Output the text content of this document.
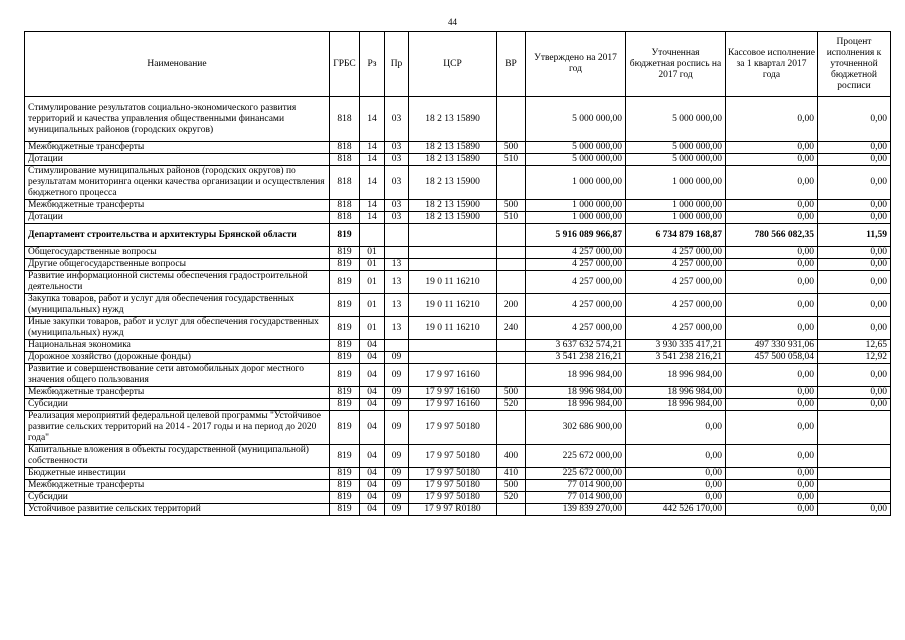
44
Наименование	ГРБС	Рз	Пр	ЦСР	ВР	Утверждено на 2017 год	Уточненная бюджетная роспись на 2017 год	Кассовое исполнение за 1 квартал 2017 года	Процент исполнения к уточненной бюджетной росписи
Стимулирование результатов социально-экономического развития территорий и качества управления общественными финансами муниципальных районов (городских округов)	818	14	03	18 2 13 15890		5 000 000,00	5 000 000,00	0,00	0,00
Межбюджетные трансферты	818	14	03	18 2 13 15890	500	5 000 000,00	5 000 000,00	0,00	0,00
Дотации	818	14	03	18 2 13 15890	510	5 000 000,00	5 000 000,00	0,00	0,00
Стимулирование муниципальных районов (городских округов) по результатам мониторинга оценки качества организации и осуществления бюджетного процесса	818	14	03	18 2 13 15900		1 000 000,00	1 000 000,00	0,00	0,00
Межбюджетные трансферты	818	14	03	18 2 13 15900	500	1 000 000,00	1 000 000,00	0,00	0,00
Дотации	818	14	03	18 2 13 15900	510	1 000 000,00	1 000 000,00	0,00	0,00
Департамент строительства и архитектуры Брянской области	819					5 916 089 966,87	6 734 879 168,87	780 566 082,35	11,59
Общегосударственные вопросы	819	01				4 257 000,00	4 257 000,00	0,00	0,00
Другие общегосударственные вопросы	819	01	13			4 257 000,00	4 257 000,00	0,00	0,00
Развитие информационной системы обеспечения градостроительной деятельности	819	01	13	19 0 11 16210		4 257 000,00	4 257 000,00	0,00	0,00
Закупка товаров, работ и услуг для обеспечения государственных (муниципальных) нужд	819	01	13	19 0 11 16210	200	4 257 000,00	4 257 000,00	0,00	0,00
Иные закупки товаров, работ и услуг для обеспечения государственных (муниципальных) нужд	819	01	13	19 0 11 16210	240	4 257 000,00	4 257 000,00	0,00	0,00
Национальная экономика	819	04				3 637 632 574,21	3 930 335 417,21	497 330 931,06	12,65
Дорожное хозяйство (дорожные фонды)	819	04	09			3 541 238 216,21	3 541 238 216,21	457 500 058,04	12,92
Развитие и совершенствование сети автомобильных дорог местного значения общего пользования	819	04	09	17 9 97 16160		18 996 984,00	18 996 984,00	0,00	0,00
Межбюджетные трансферты	819	04	09	17 9 97 16160	500	18 996 984,00	18 996 984,00	0,00	0,00
Субсидии	819	04	09	17 9 97 16160	520	18 996 984,00	18 996 984,00	0,00	0,00
Реализация мероприятий федеральной целевой программы "Устойчивое развитие сельских территорий на 2014 - 2017 годы и на период до 2020 года"	819	04	09	17 9 97 50180		302 686 900,00	0,00	0,00	
Капитальные вложения в объекты государственной (муниципальной) собственности	819	04	09	17 9 97 50180	400	225 672 000,00	0,00	0,00	
Бюджетные инвестиции	819	04	09	17 9 97 50180	410	225 672 000,00	0,00	0,00	
Межбюджетные трансферты	819	04	09	17 9 97 50180	500	77 014 900,00	0,00	0,00	
Субсидии	819	04	09	17 9 97 50180	520	77 014 900,00	0,00	0,00	
Устойчивое развитие сельских территорий	819	04	09	17 9 97 R0180		139 839 270,00	442 526 170,00	0,00	0,00
